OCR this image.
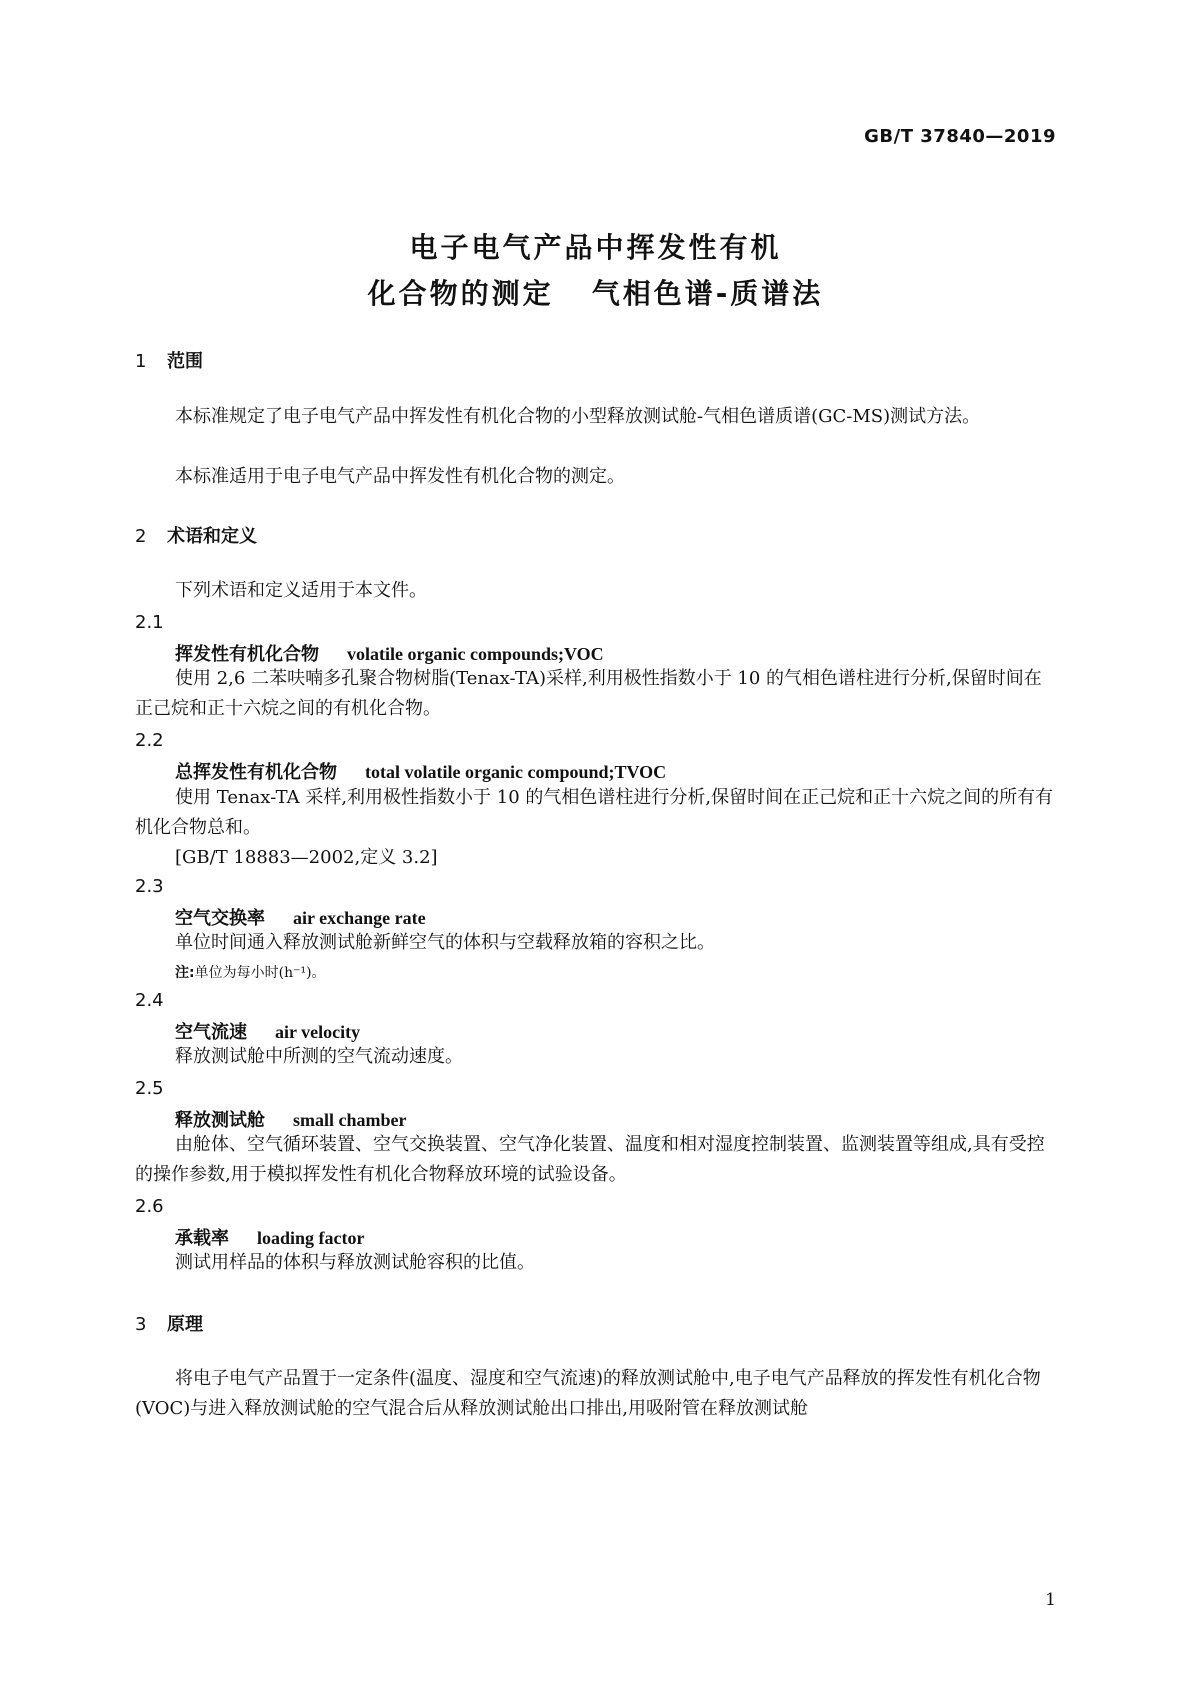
GB/T 37840—2019
电子电气产品中挥发性有机
化合物的测定 气相色谱-质谱法
1 范围
本标准规定了电子电气产品中挥发性有机化合物的小型释放测试舱-气相色谱质谱(GC-MS)测试方法。
本标准适用于电子电气产品中挥发性有机化合物的测定。
2 术语和定义
下列术语和定义适用于本文件。
2.1
挥发性有机化合物 volatile organic compounds;VOC
使用 2,6 二苯呋喃多孔聚合物树脂(Tenax-TA)采样,利用极性指数小于 10 的气相色谱柱进行分析,保留时间在正己烷和正十六烷之间的有机化合物。
2.2
总挥发性有机化合物 total volatile organic compound;TVOC
使用 Tenax-TA 采样,利用极性指数小于 10 的气相色谱柱进行分析,保留时间在正己烷和正十六烷之间的所有有机化合物总和。
[GB/T 18883—2002,定义 3.2]
2.3
空气交换率 air exchange rate
单位时间通入释放测试舱新鲜空气的体积与空载释放箱的容积之比。
注:单位为每小时(h⁻¹)。
2.4
空气流速 air velocity
释放测试舱中所测的空气流动速度。
2.5
释放测试舱 small chamber
由舱体、空气循环装置、空气交换装置、空气净化装置、温度和相对湿度控制装置、监测装置等组成,具有受控的操作参数,用于模拟挥发性有机化合物释放环境的试验设备。
2.6
承载率 loading factor
测试用样品的体积与释放测试舱容积的比值。
3 原理
将电子电气产品置于一定条件(温度、湿度和空气流速)的释放测试舱中,电子电气产品释放的挥发性有机化合物(VOC)与进入释放测试舱的空气混合后从释放测试舱出口排出,用吸附管在释放测试舱
1
